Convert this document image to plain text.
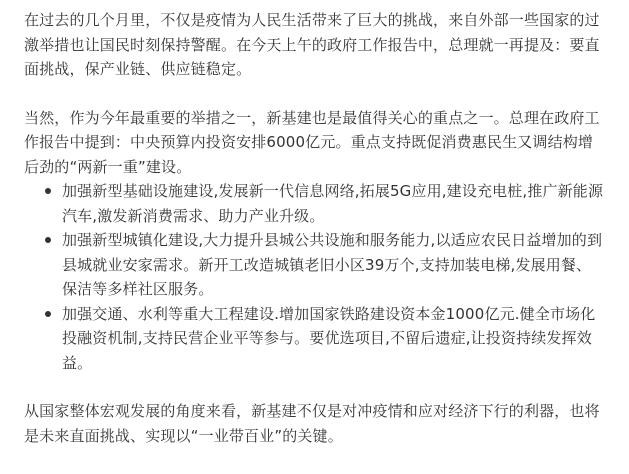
在过去的几个月里，不仅是疫情为人民生活带来了巨大的挑战，来自外部一些国家的过激举措也让国民时刻保持警醒。在今天上午的政府工作报告中，总理就一再提及：要直面挑战，保产业链、供应链稳定。

当然，作为今年最重要的举措之一，新基建也是最值得关心的重点之一。总理在政府工作报告中提到：中央预算内投资安排6000亿元。重点支持既促消费惠民生又调结构增后劲的“两新一重”建设。

加强新型基础设施建设,发展新一代信息网络,拓展5G应用,建设充电桩,推广新能源汽车,激发新消费需求、助力产业升级。
加强新型城镇化建设,大力提升县城公共设施和服务能力,以适应农民日益增加的到县城就业安家需求。新开工改造城镇老旧小区39万个,支持加装电梯,发展用餐、保洁等多样社区服务。
加强交通、水利等重大工程建设.增加国家铁路建设资本金1000亿元.健全市场化投融资机制,支持民营企业平等参与。要优选项目,不留后遗症,让投资持续发挥效益。

从国家整体宏观发展的角度来看，新基建不仅是对冲疫情和应对经济下行的利器，也将是未来直面挑战、实现以“一业带百业”的关键。
